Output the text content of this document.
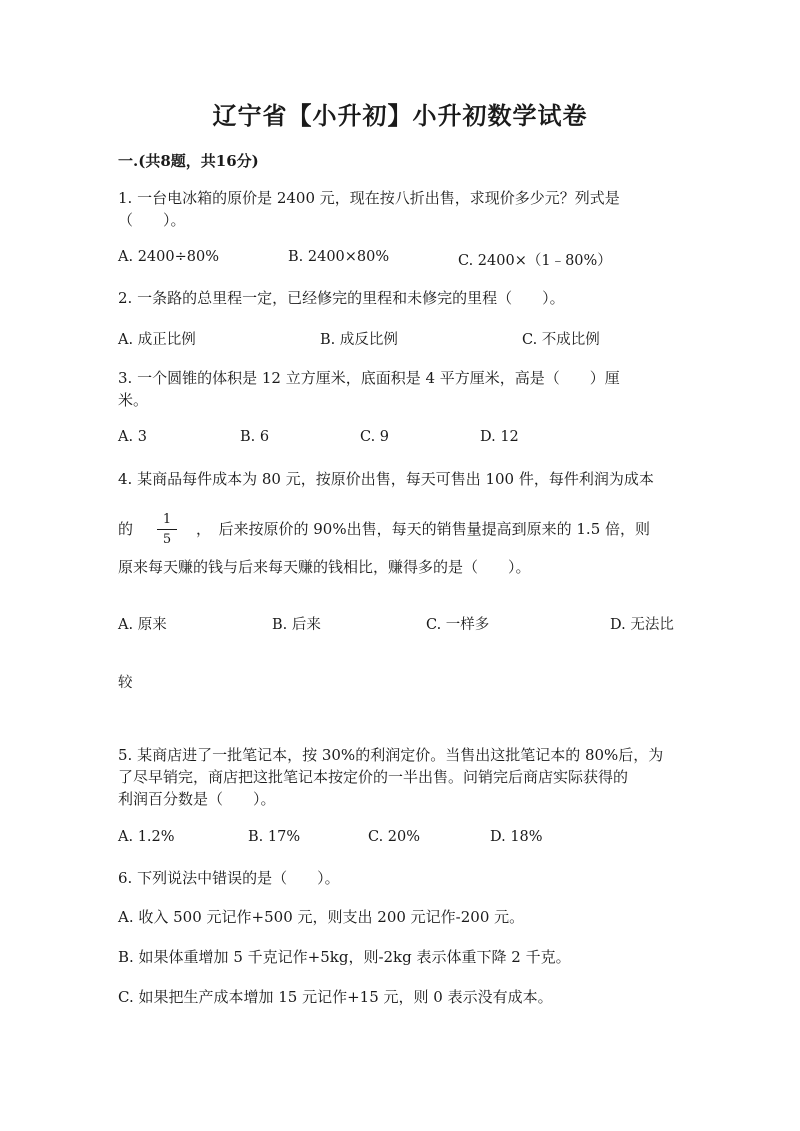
辽宁省【小升初】小升初数学试卷
一.(共8题，共16分)
1. 一台电冰箱的原价是 2400 元，现在按八折出售，求现价多少元？列式是
（　　）。
A. 2400÷80%	B. 2400×80%	C. 2400×（1﹣80%）
2. 一条路的总里程一定，已经修完的里程和未修完的里程（　　）。
A. 成正比例	B. 成反比例	C. 不成比例
3. 一个圆锥的体积是 12 立方厘米，底面积是 4 平方厘米，高是（　　）厘
米。
A. 3	B. 6	C. 9	D. 12
4. 某商品每件成本为 80 元，按原价出售，每天可售出 100 件，每件利润为成本
的
1
5
，　后来按原价的 90%出售，每天的销售量提高到原来的 1.5 倍，则
原来每天赚的钱与后来每天赚的钱相比，赚得多的是（　　）。
A. 原来	B. 后来	C. 一样多	D. 无法比
较
5. 某商店进了一批笔记本，按 30%的利润定价。当售出这批笔记本的 80%后，为
了尽早销完，商店把这批笔记本按定价的一半出售。问销完后商店实际获得的
利润百分数是（　　）。
A. 1.2%	B. 17%	C. 20%	D. 18%
6. 下列说法中错误的是（　　）。
A. 收入 500 元记作+500 元，则支出 200 元记作-200 元。
B. 如果体重增加 5 千克记作+5kg，则-2kg 表示体重下降 2 千克。
C. 如果把生产成本增加 15 元记作+15 元，则 0 表示没有成本。
